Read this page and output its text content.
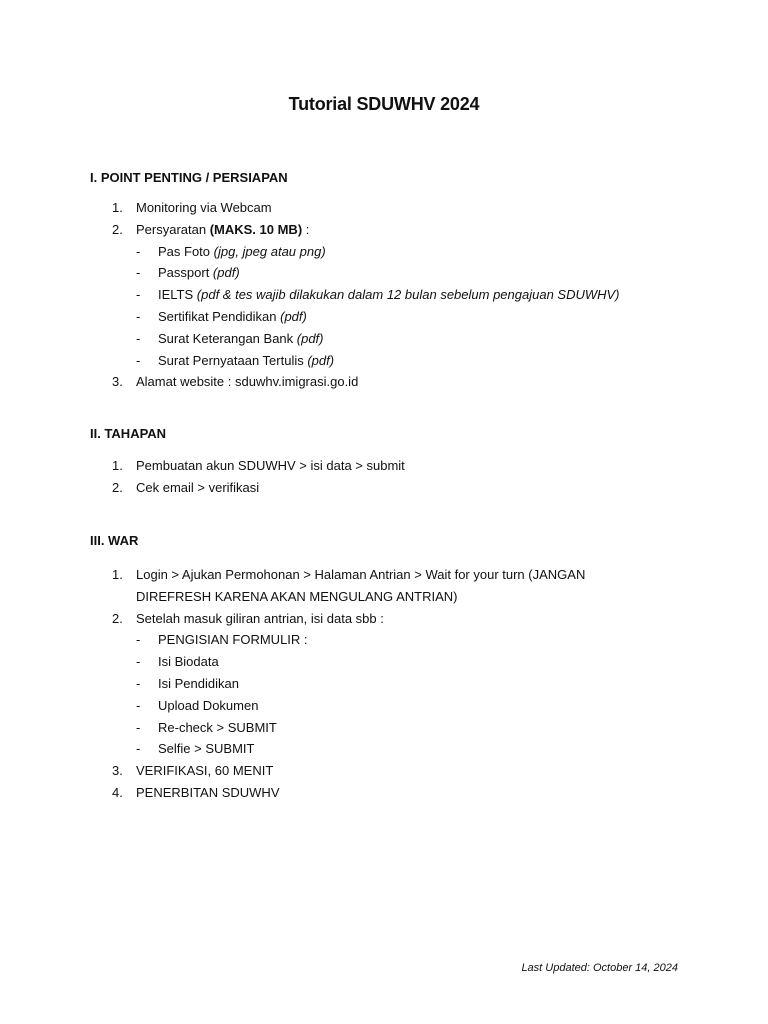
Tutorial SDUWHV 2024
I. POINT PENTING / PERSIAPAN
1. Monitoring via Webcam
2. Persyaratan (MAKS. 10 MB) :
- Pas Foto (jpg, jpeg atau png)
- Passport (pdf)
- IELTS (pdf & tes wajib dilakukan dalam 12 bulan sebelum pengajuan SDUWHV)
- Sertifikat Pendidikan (pdf)
- Surat Keterangan Bank (pdf)
- Surat Pernyataan Tertulis (pdf)
3. Alamat website : sduwhv.imigrasi.go.id
II. TAHAPAN
1. Pembuatan akun SDUWHV > isi data > submit
2. Cek email > verifikasi
III. WAR
1. Login > Ajukan Permohonan > Halaman Antrian > Wait for your turn (JANGAN
DIREFRESH KARENA AKAN MENGULANG ANTRIAN)
2. Setelah masuk giliran antrian, isi data sbb :
- PENGISIAN FORMULIR :
- Isi Biodata
- Isi Pendidikan
- Upload Dokumen
- Re-check > SUBMIT
- Selfie > SUBMIT
3. VERIFIKASI, 60 MENIT
4. PENERBITAN SDUWHV
Last Updated: October 14, 2024
